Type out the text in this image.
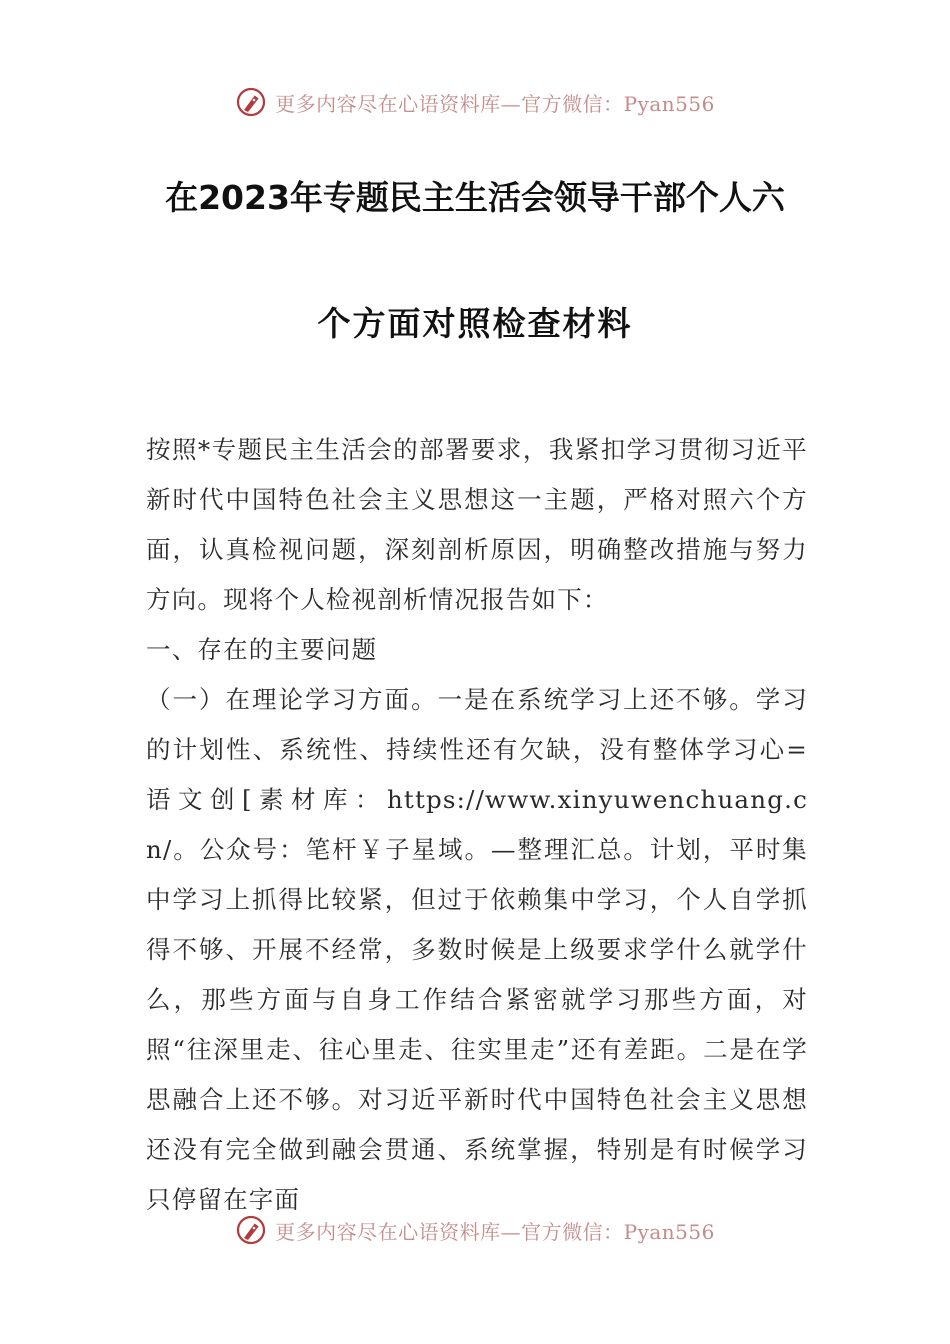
更多内容尽在心语资料库—官方微信：Pyan556
在2023年专题民主生活会领导干部个人六
个方面对照检查材料

按照*专题民主生活会的部署要求，我紧扣学习贯彻习近平新时代中国特色社会主义思想这一主题，严格对照六个方面，认真检视问题，深刻剖析原因，明确整改措施与努力方向。现将个人检视剖析情况报告如下：

一、存在的主要问题

（一）在理论学习方面。一是在系统学习上还不够。学习的计划性、系统性、持续性还有欠缺，没有整体学习心=语文创[素材库：https://www.xinyuwenchuang.cn/。公众号：笔杆￥子星域。—整理汇总。计划，平时集中学习上抓得比较紧，但过于依赖集中学习，个人自学抓得不够、开展不经常，多数时候是上级要求学什么就学什么，那些方面与自身工作结合紧密就学习那些方面，对照“往深里走、往心里走、往实里走”还有差距。二是在学思融合上还不够。对习近平新时代中国特色社会主义思想还没有完全做到融会贯通、系统掌握，特别是有时候学习只停留在字面

更多内容尽在心语资料库—官方微信：Pyan556
